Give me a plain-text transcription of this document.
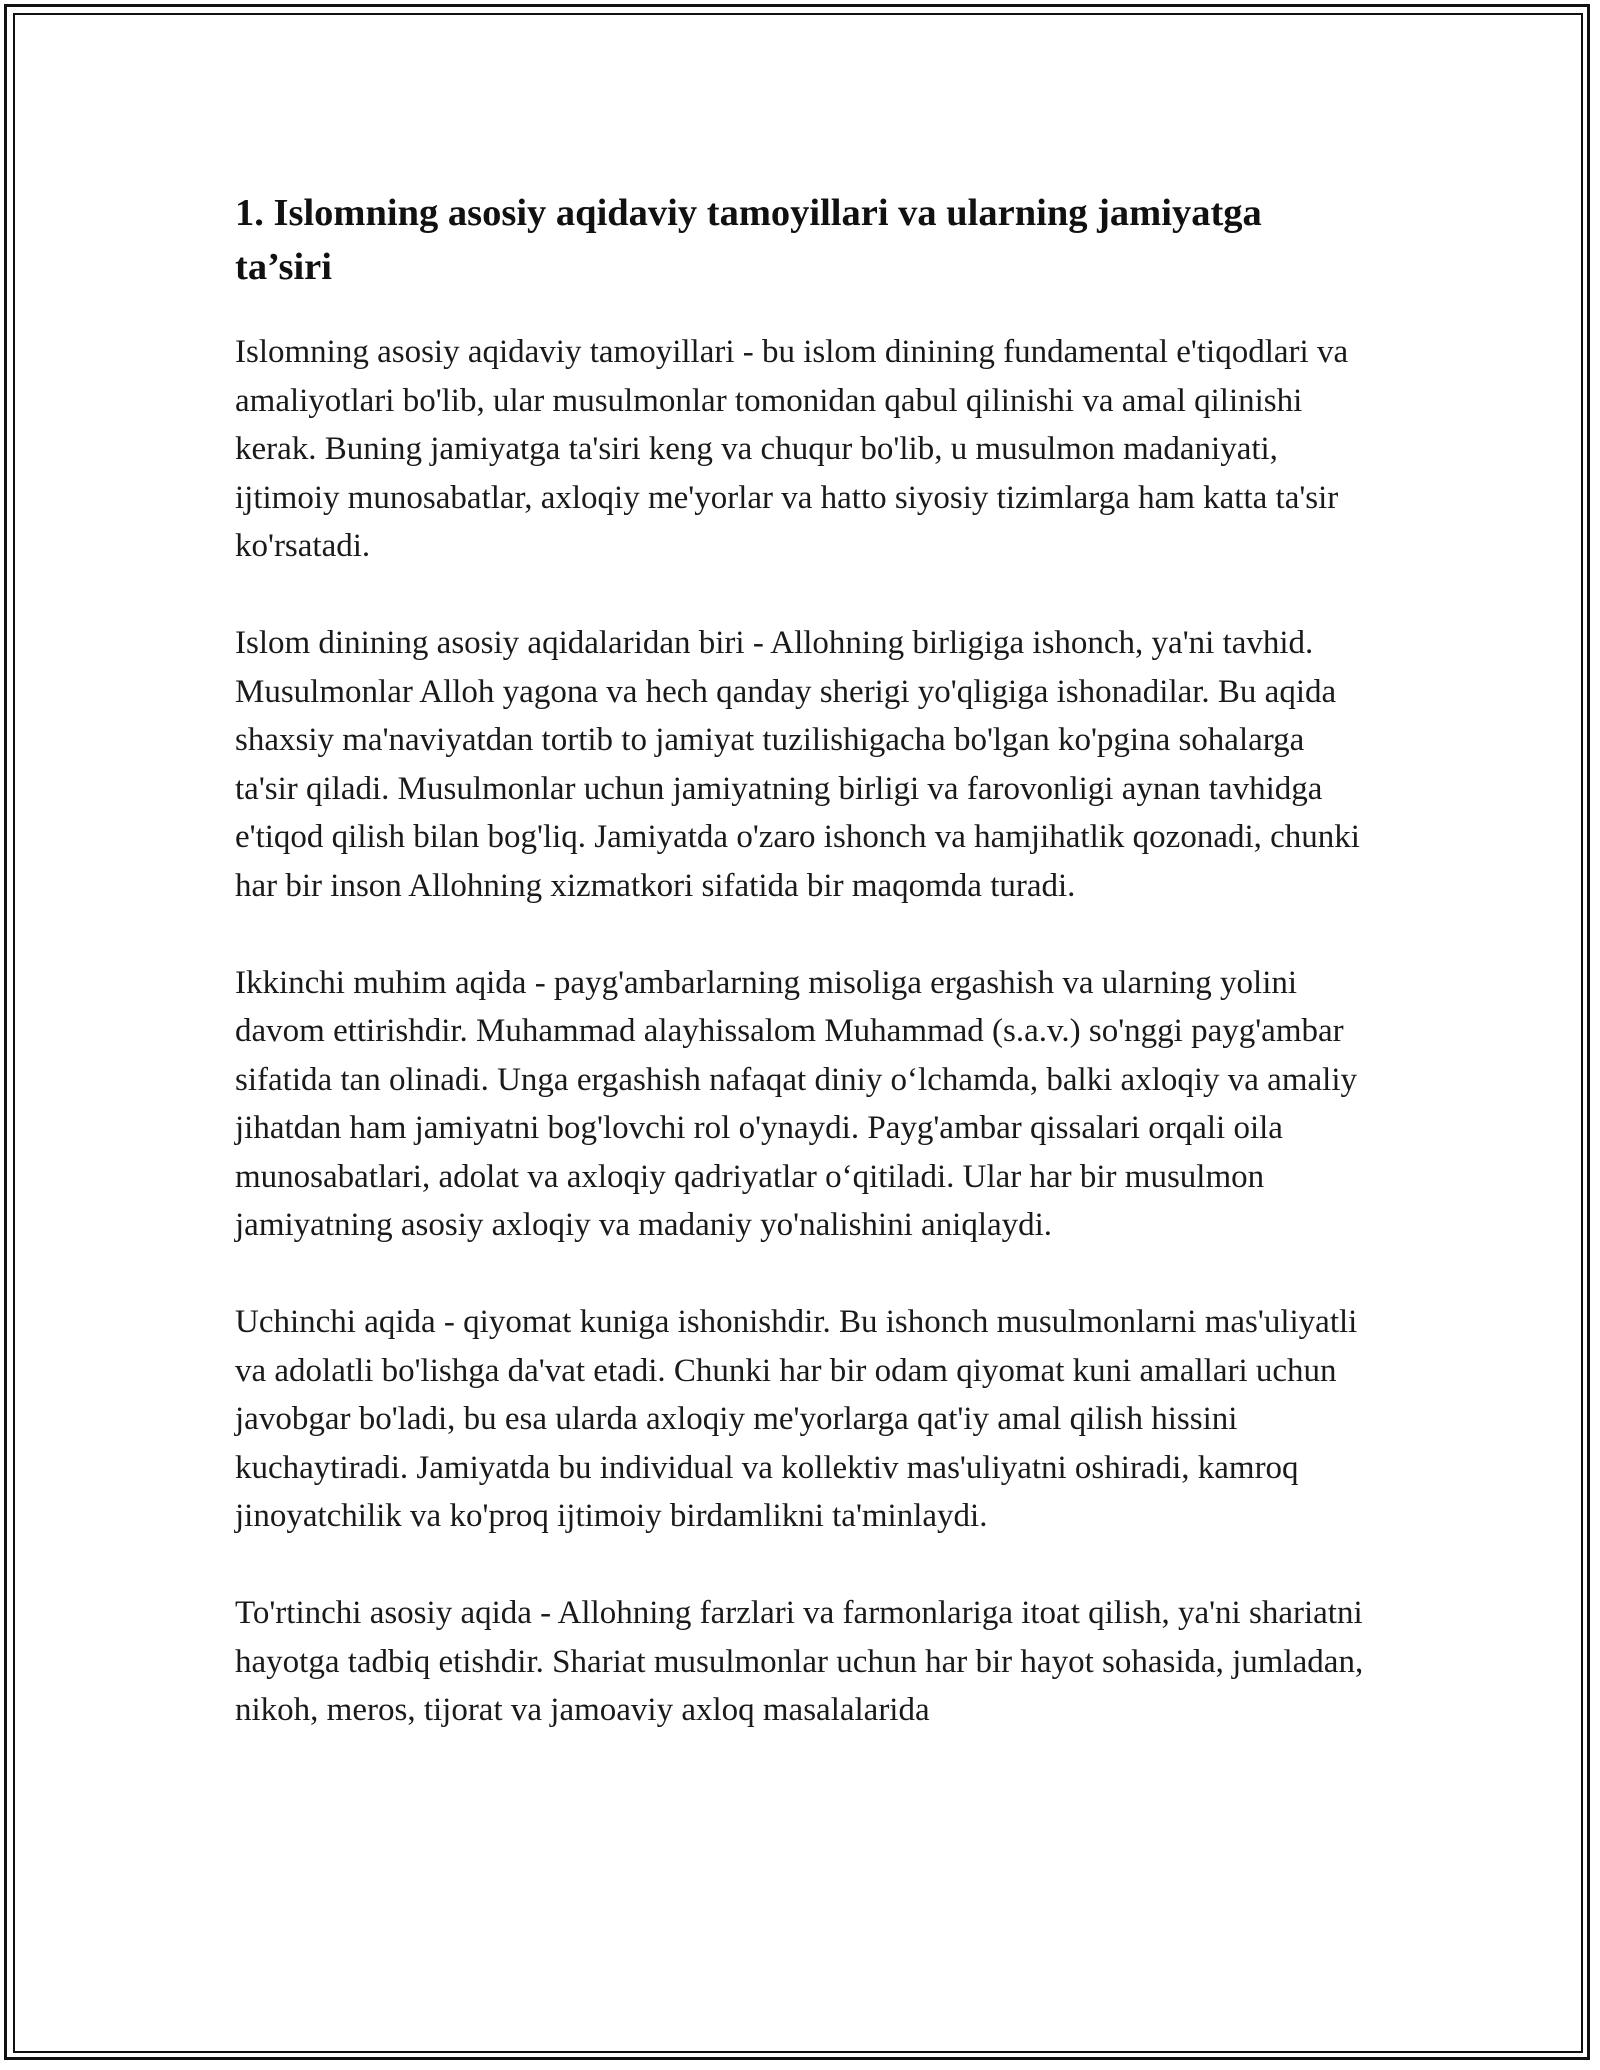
1. Islomning asosiy aqidaviy tamoyillari va ularning jamiyatga ta’siri

Islomning asosiy aqidaviy tamoyillari - bu islom dinining fundamental e'tiqodlari va amaliyotlari bo'lib, ular musulmonlar tomonidan qabul qilinishi va amal qilinishi kerak. Buning jamiyatga ta'siri keng va chuqur bo'lib, u musulmon madaniyati, ijtimoiy munosabatlar, axloqiy me'yorlar va hatto siyosiy tizimlarga ham katta ta'sir ko'rsatadi.

Islom dinining asosiy aqidalaridan biri - Allohning birligiga ishonch, ya'ni tavhid. Musulmonlar Alloh yagona va hech qanday sherigi yo'qligiga ishonadilar. Bu aqida shaxsiy ma'naviyatdan tortib to jamiyat tuzilishigacha bo'lgan ko'pgina sohalarga ta'sir qiladi. Musulmonlar uchun jamiyatning birligi va farovonligi aynan tavhidga e'tiqod qilish bilan bog'liq. Jamiyatda o'zaro ishonch va hamjihatlik qozonadi, chunki har bir inson Allohning xizmatkori sifatida bir maqomda turadi.

Ikkinchi muhim aqida - payg'ambarlarning misoliga ergashish va ularning yolini davom ettirishdir. Muhammad alayhissalom Muhammad (s.a.v.) so'nggi payg'ambar sifatida tan olinadi. Unga ergashish nafaqat diniy o‘lchamda, balki axloqiy va amaliy jihatdan ham jamiyatni bog'lovchi rol o'ynaydi. Payg'ambar qissalari orqali oila munosabatlari, adolat va axloqiy qadriyatlar o‘qitiladi. Ular har bir musulmon jamiyatning asosiy axloqiy va madaniy yo'nalishini aniqlaydi.

Uchinchi aqida - qiyomat kuniga ishonishdir. Bu ishonch musulmonlarni mas'uliyatli va adolatli bo'lishga da'vat etadi. Chunki har bir odam qiyomat kuni amallari uchun javobgar bo'ladi, bu esa ularda axloqiy me'yorlarga qat'iy amal qilish hissini kuchaytiradi. Jamiyatda bu individual va kollektiv mas'uliyatni oshiradi, kamroq jinoyatchilik va ko'proq ijtimoiy birdamlikni ta'minlaydi.

To'rtinchi asosiy aqida - Allohning farzlari va farmonlariga itoat qilish, ya'ni shariatni hayotga tadbiq etishdir. Shariat musulmonlar uchun har bir hayot sohasida, jumladan, nikoh, meros, tijorat va jamoaviy axloq masalalarida
